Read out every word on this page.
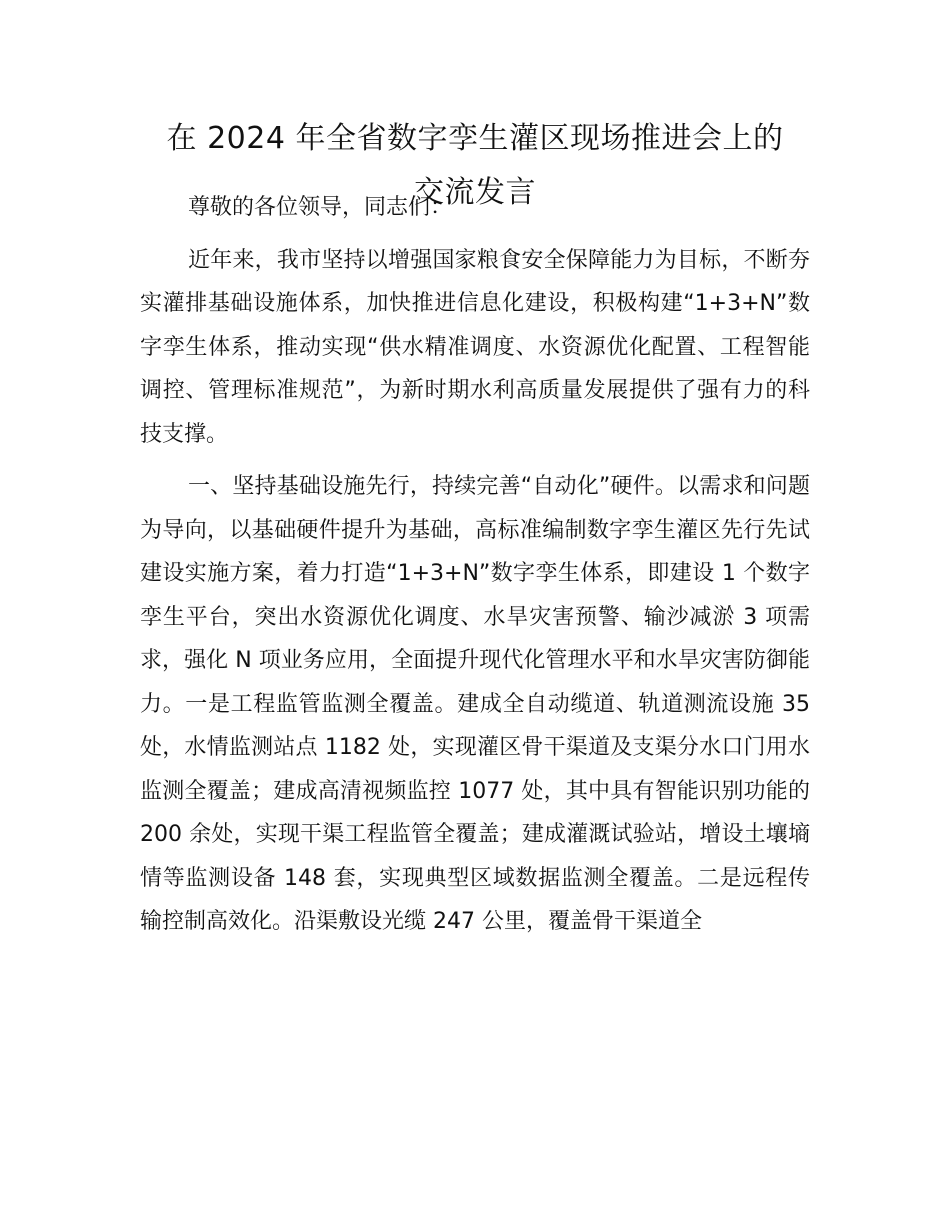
在 2024 年全省数字孪生灌区现场推进会上的
交流发言

尊敬的各位领导，同志们：

近年来，我市坚持以增强国家粮食安全保障能力为目标，不断夯实灌排基础设施体系，加快推进信息化建设，积极构建“1+3+N”数字孪生体系，推动实现“供水精准调度、水资源优化配置、工程智能调控、管理标准规范”，为新时期水利高质量发展提供了强有力的科技支撑。

一、坚持基础设施先行，持续完善“自动化”硬件。以需求和问题为导向，以基础硬件提升为基础，高标准编制数字孪生灌区先行先试建设实施方案，着力打造“1+3+N”数字孪生体系，即建设 1 个数字孪生平台，突出水资源优化调度、水旱灾害预警、输沙减淤 3 项需求，强化 N 项业务应用，全面提升现代化管理水平和水旱灾害防御能力。一是工程监管监测全覆盖。建成全自动缆道、轨道测流设施 35 处，水情监测站点 1182 处，实现灌区骨干渠道及支渠分水口门用水监测全覆盖；建成高清视频监控 1077 处，其中具有智能识别功能的 200 余处，实现干渠工程监管全覆盖；建成灌溉试验站，增设土壤墒情等监测设备 148 套，实现典型区域数据监测全覆盖。二是远程传输控制高效化。沿渠敷设光缆 247 公里，覆盖骨干渠道全
